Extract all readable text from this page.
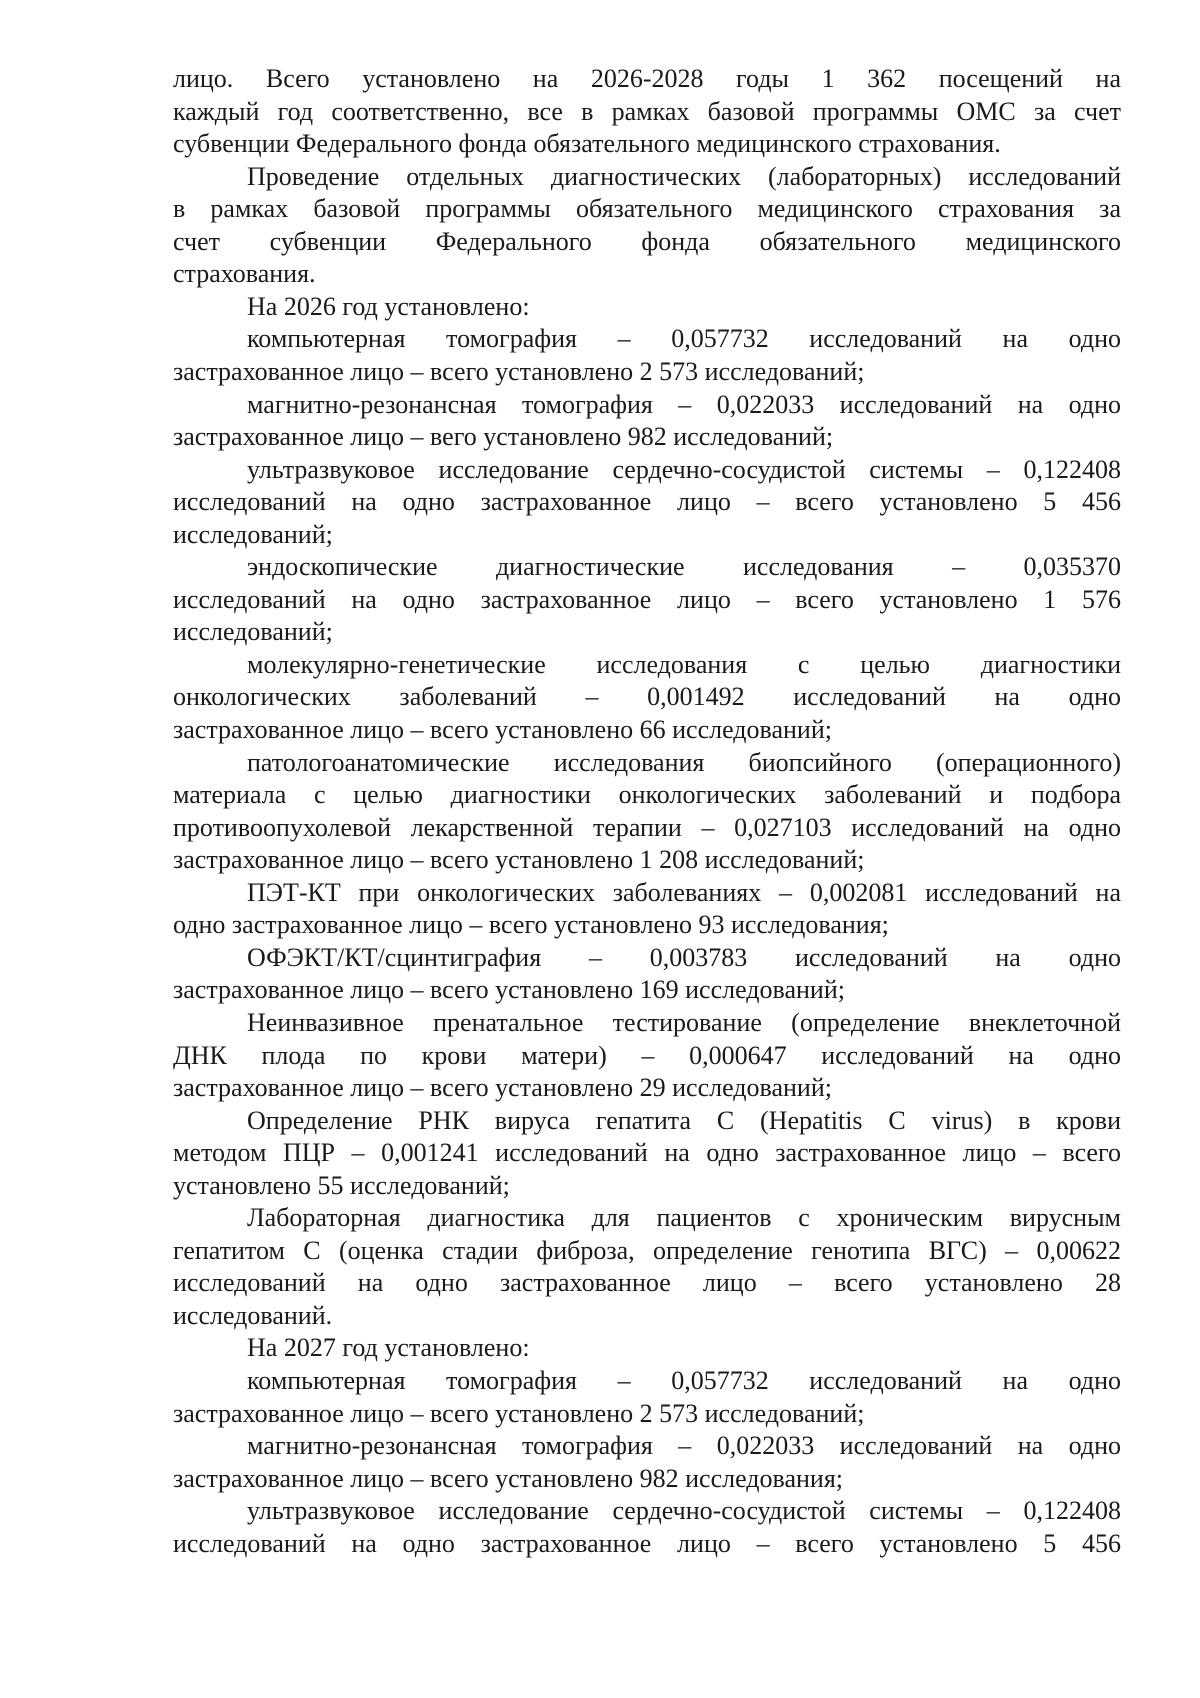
лицо. Всего установлено на 2026-2028 годы 1 362 посещений на

каждый год соответственно, все в рамках базовой программы ОМС за счет

субвенции Федерального фонда обязательного медицинского страхования.

Проведение отдельных диагностических (лабораторных) исследований

в рамках базовой программы обязательного медицинского страхования за

счет субвенции Федерального фонда обязательного медицинского

страхования.

На 2026 год установлено:

компьютерная томография – 0,057732 исследований на одно

застрахованное лицо – всего установлено 2 573 исследований;

магнитно-резонансная томография – 0,022033 исследований на одно

застрахованное лицо – вего установлено 982 исследований;

ультразвуковое исследование сердечно-сосудистой системы – 0,122408

исследований на одно застрахованное лицо – всего установлено 5 456

исследований;

эндоскопические диагностические исследования – 0,035370

исследований на одно застрахованное лицо – всего установлено 1 576

исследований;

молекулярно-генетические исследования с целью диагностики

онкологических заболеваний – 0,001492 исследований на одно

застрахованное лицо – всего установлено 66 исследований;

патологоанатомические исследования биопсийного (операционного)

материала с целью диагностики онкологических заболеваний и подбора

противоопухолевой лекарственной терапии – 0,027103 исследований на одно

застрахованное лицо – всего установлено 1 208 исследований;

ПЭТ-КТ при онкологических заболеваниях – 0,002081 исследований на

одно застрахованное лицо – всего установлено 93 исследования;

ОФЭКТ/КТ/сцинтиграфия – 0,003783 исследований на одно

застрахованное лицо – всего установлено 169 исследований;

Неинвазивное пренатальное тестирование (определение внеклеточной

ДНК плода по крови матери) – 0,000647 исследований на одно

застрахованное лицо – всего установлено 29 исследований;

Определение РНК вируса гепатита С (Hepatitis С virus) в крови

методом ПЦР – 0,001241 исследований на одно застрахованное лицо – всего

установлено 55 исследований;

Лабораторная диагностика для пациентов с хроническим вирусным

гепатитом С (оценка стадии фиброза, определение генотипа ВГС) – 0,00622

исследований на одно застрахованное лицо – всего установлено 28

исследований.

На 2027 год установлено:

компьютерная томография – 0,057732 исследований на одно

застрахованное лицо – всего установлено 2 573 исследований;

магнитно-резонансная томография – 0,022033 исследований на одно

застрахованное лицо – всего установлено 982 исследования;

ультразвуковое исследование сердечно-сосудистой системы – 0,122408

исследований на одно застрахованное лицо – всего установлено 5 456
